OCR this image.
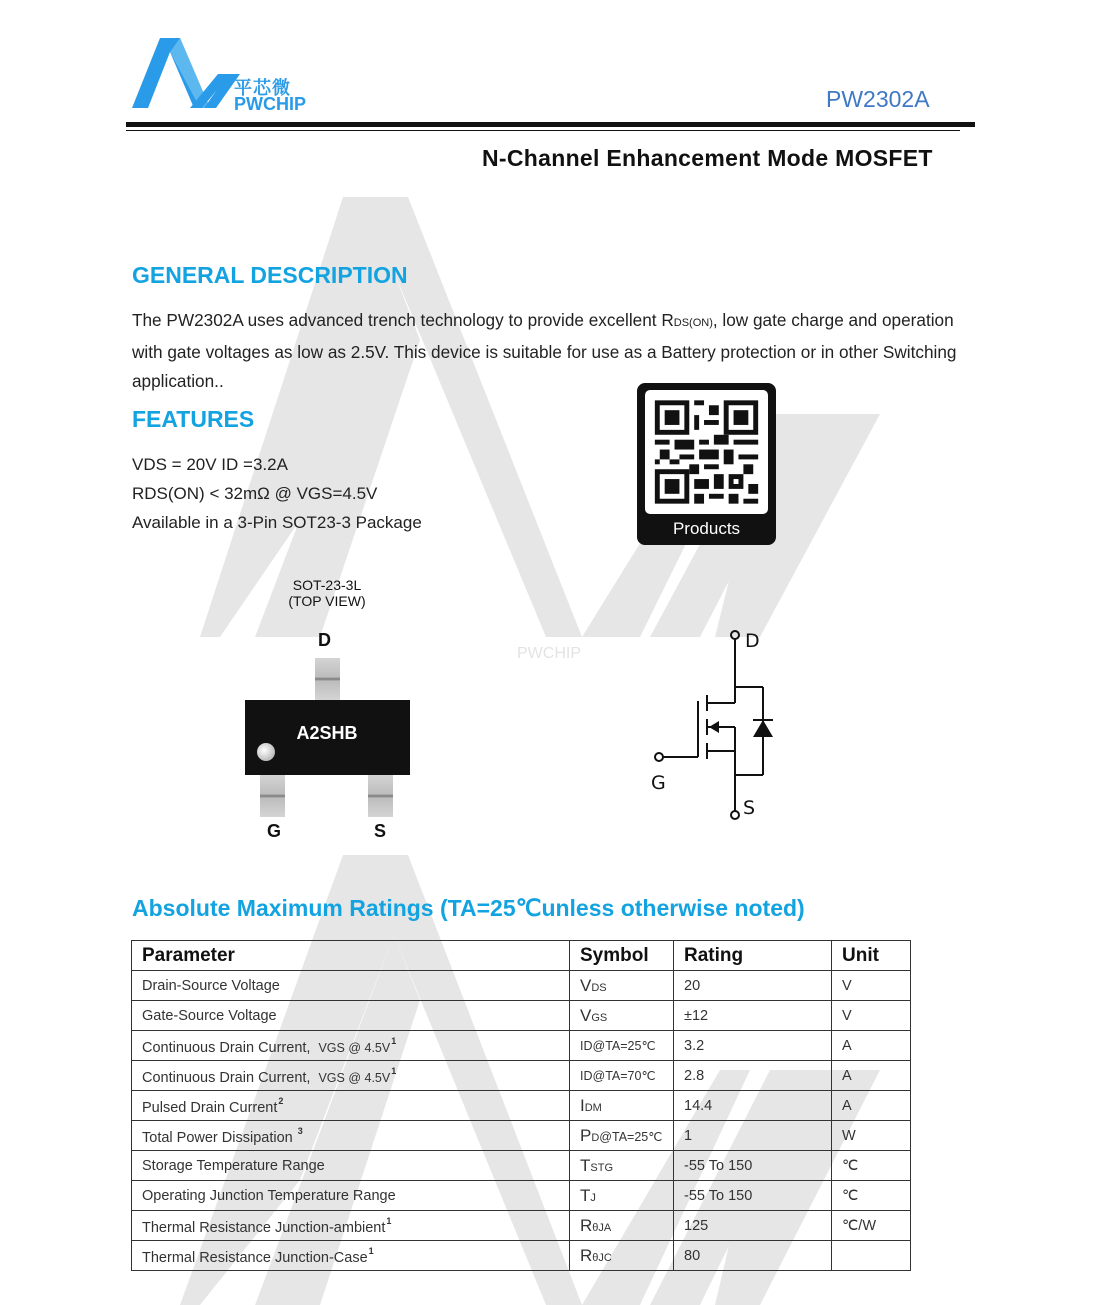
平芯微
PWCHIP	PW2302A
N-Channel Enhancement Mode MOSFET
GENERAL DESCRIPTION
The PW2302A uses advanced trench technology to provide excellent RDS(ON), low gate charge and operation with gate voltages as low as 2.5V. This device is suitable for use as a Battery protection or in other Switching application..
FEATURES
VDS = 20V ID =3.2A
RDS(ON) < 32mΩ @ VGS=4.5V
Available in a 3-Pin SOT23-3 Package	Products
SOT-23-3L
(TOP VIEW)
D
A2SHB
G	S
PWCHIP
D
G
S
Absolute Maximum Ratings (TA=25℃unless otherwise noted)
Parameter	Symbol	Rating	Unit
Drain-Source Voltage	VDS	20	V
Gate-Source Voltage	VGS	±12	V
Continuous Drain Current, VGS @ 4.5V$^1$	ID@TA=25℃	3.2	A
Continuous Drain Current, VGS @ 4.5V$^1$	ID@TA=70℃	2.8	A
Pulsed Drain Current$^2$	IDM	14.4	A
Total Power Dissipation $^3$	PD@TA=25℃	1	W
Storage Temperature Range	TSTG	-55 To 150	℃
Operating Junction Temperature Range	TJ	-55 To 150	℃
Thermal Resistance Junction-ambient$^1$	RθJA	125	℃/W
Thermal Resistance Junction-Case$^1$	RθJC	80	
